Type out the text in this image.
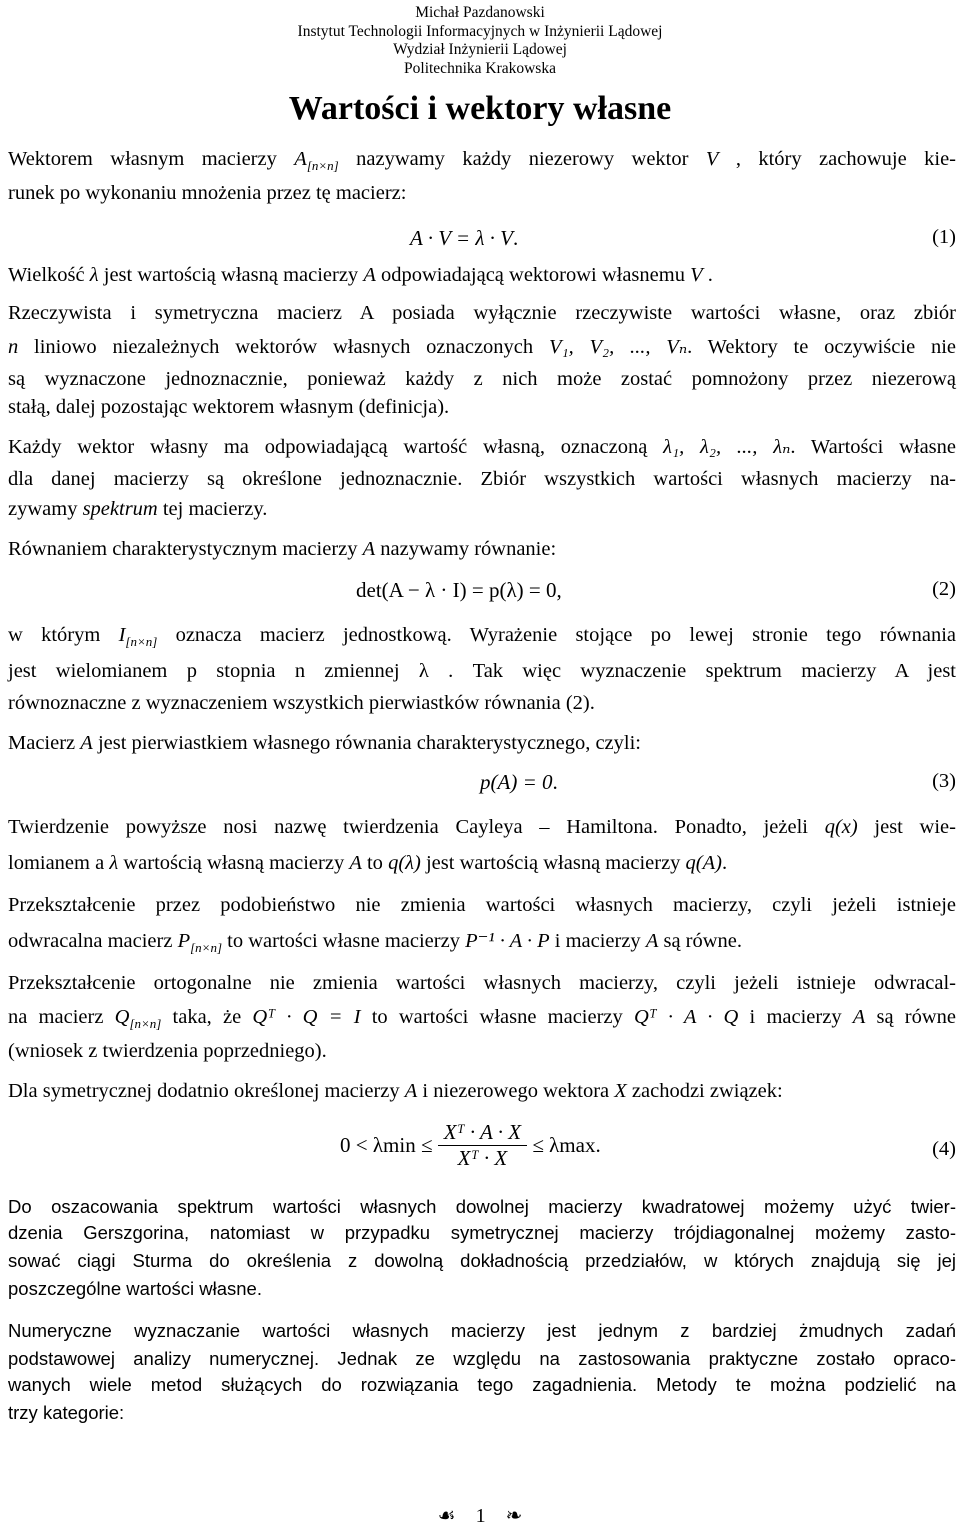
Michał Pazdanowski
Instytut Technologii Informacyjnych w Inżynierii Lądowej
Wydział Inżynierii Lądowej
Politechnika Krakowska
Wartości i wektory własne
Wektorem własnym macierzy $A_{[n\times n]}$ nazywamy każdy niezerowy wektor V , który zachowuje kie-
runek po wykonaniu mnożenia przez tę macierz:
A · V = λ · V.	(1)
Wielkość λ jest wartością własną macierzy A odpowiadającą wektorowi własnemu V .
Rzeczywista i symetryczna macierz A posiada wyłącznie rzeczywiste wartości własne, oraz zbiór
n liniowo niezależnych wektorów własnych oznaczonych V₁, V₂, ..., Vₙ. Wektory te oczywiście nie
są wyznaczone jednoznacznie, ponieważ każdy z nich może zostać pomnożony przez niezerową
stałą, dalej pozostając wektorem własnym (definicja).
Każdy wektor własny ma odpowiadającą wartość własną, oznaczoną λ₁, λ₂, ..., λₙ. Wartości własne
dla danej macierzy są określone jednoznacznie. Zbiór wszystkich wartości własnych macierzy na-
zywamy spektrum tej macierzy.
Równaniem charakterystycznym macierzy A nazywamy równanie:
det(A − λ · I) = p(λ) = 0,	(2)
w którym $I_{[n\times n]}$ oznacza macierz jednostkową. Wyrażenie stojące po lewej stronie tego równania
jest wielomianem p stopnia n zmiennej λ . Tak więc wyznaczenie spektrum macierzy A jest
równoznaczne z wyznaczeniem wszystkich pierwiastków równania (2).
Macierz A jest pierwiastkiem własnego równania charakterystycznego, czyli:
p(A) = 0.	(3)
Twierdzenie powyższe nosi nazwę twierdzenia Cayleya – Hamiltona. Ponadto, jeżeli q(x) jest wie-
lomianem a λ wartością własną macierzy A to q(λ) jest wartością własną macierzy q(A).
Przekształcenie przez podobieństwo nie zmienia wartości własnych macierzy, czyli jeżeli istnieje
odwracalna macierz $P_{[n\times n]}$ to wartości własne macierzy P⁻¹ · A · P i macierzy A są równe.
Przekształcenie ortogonalne nie zmienia wartości własnych macierzy, czyli jeżeli istnieje odwracal-
na macierz $Q_{[n\times n]}$ taka, że Qᵀ · Q = I to wartości własne macierzy Qᵀ · A · Q i macierzy A są równe
(wniosek z twierdzenia poprzedniego).
Dla symetrycznej dodatnio określonej macierzy A i niezerowego wektora X zachodzi związek:
$0 < \lambda\min \le \frac{\text{Xᵀ · A · X}}{\text{Xᵀ · X}} \le \lambda\max$.	(4)
Do oszacowania spektrum wartości własnych dowolnej macierzy kwadratowej możemy użyć twier-
dzenia Gerszgorina, natomiast w przypadku symetrycznej macierzy trójdiagonalnej możemy zasto-
sować ciągi Sturma do określenia z dowolną dokładnością przedziałów, w których znajdują się jej
poszczególne wartości własne.
Numeryczne wyznaczanie wartości własnych macierzy jest jednym z bardziej żmudnych zadań
podstawowej analizy numerycznej. Jednak ze względu na zastosowania praktyczne zostało opraco-
wanych wiele metod służących do rozwiązania tego zagadnienia. Metody te można podzielić na
trzy kategorie:
☙ 1 ❧
